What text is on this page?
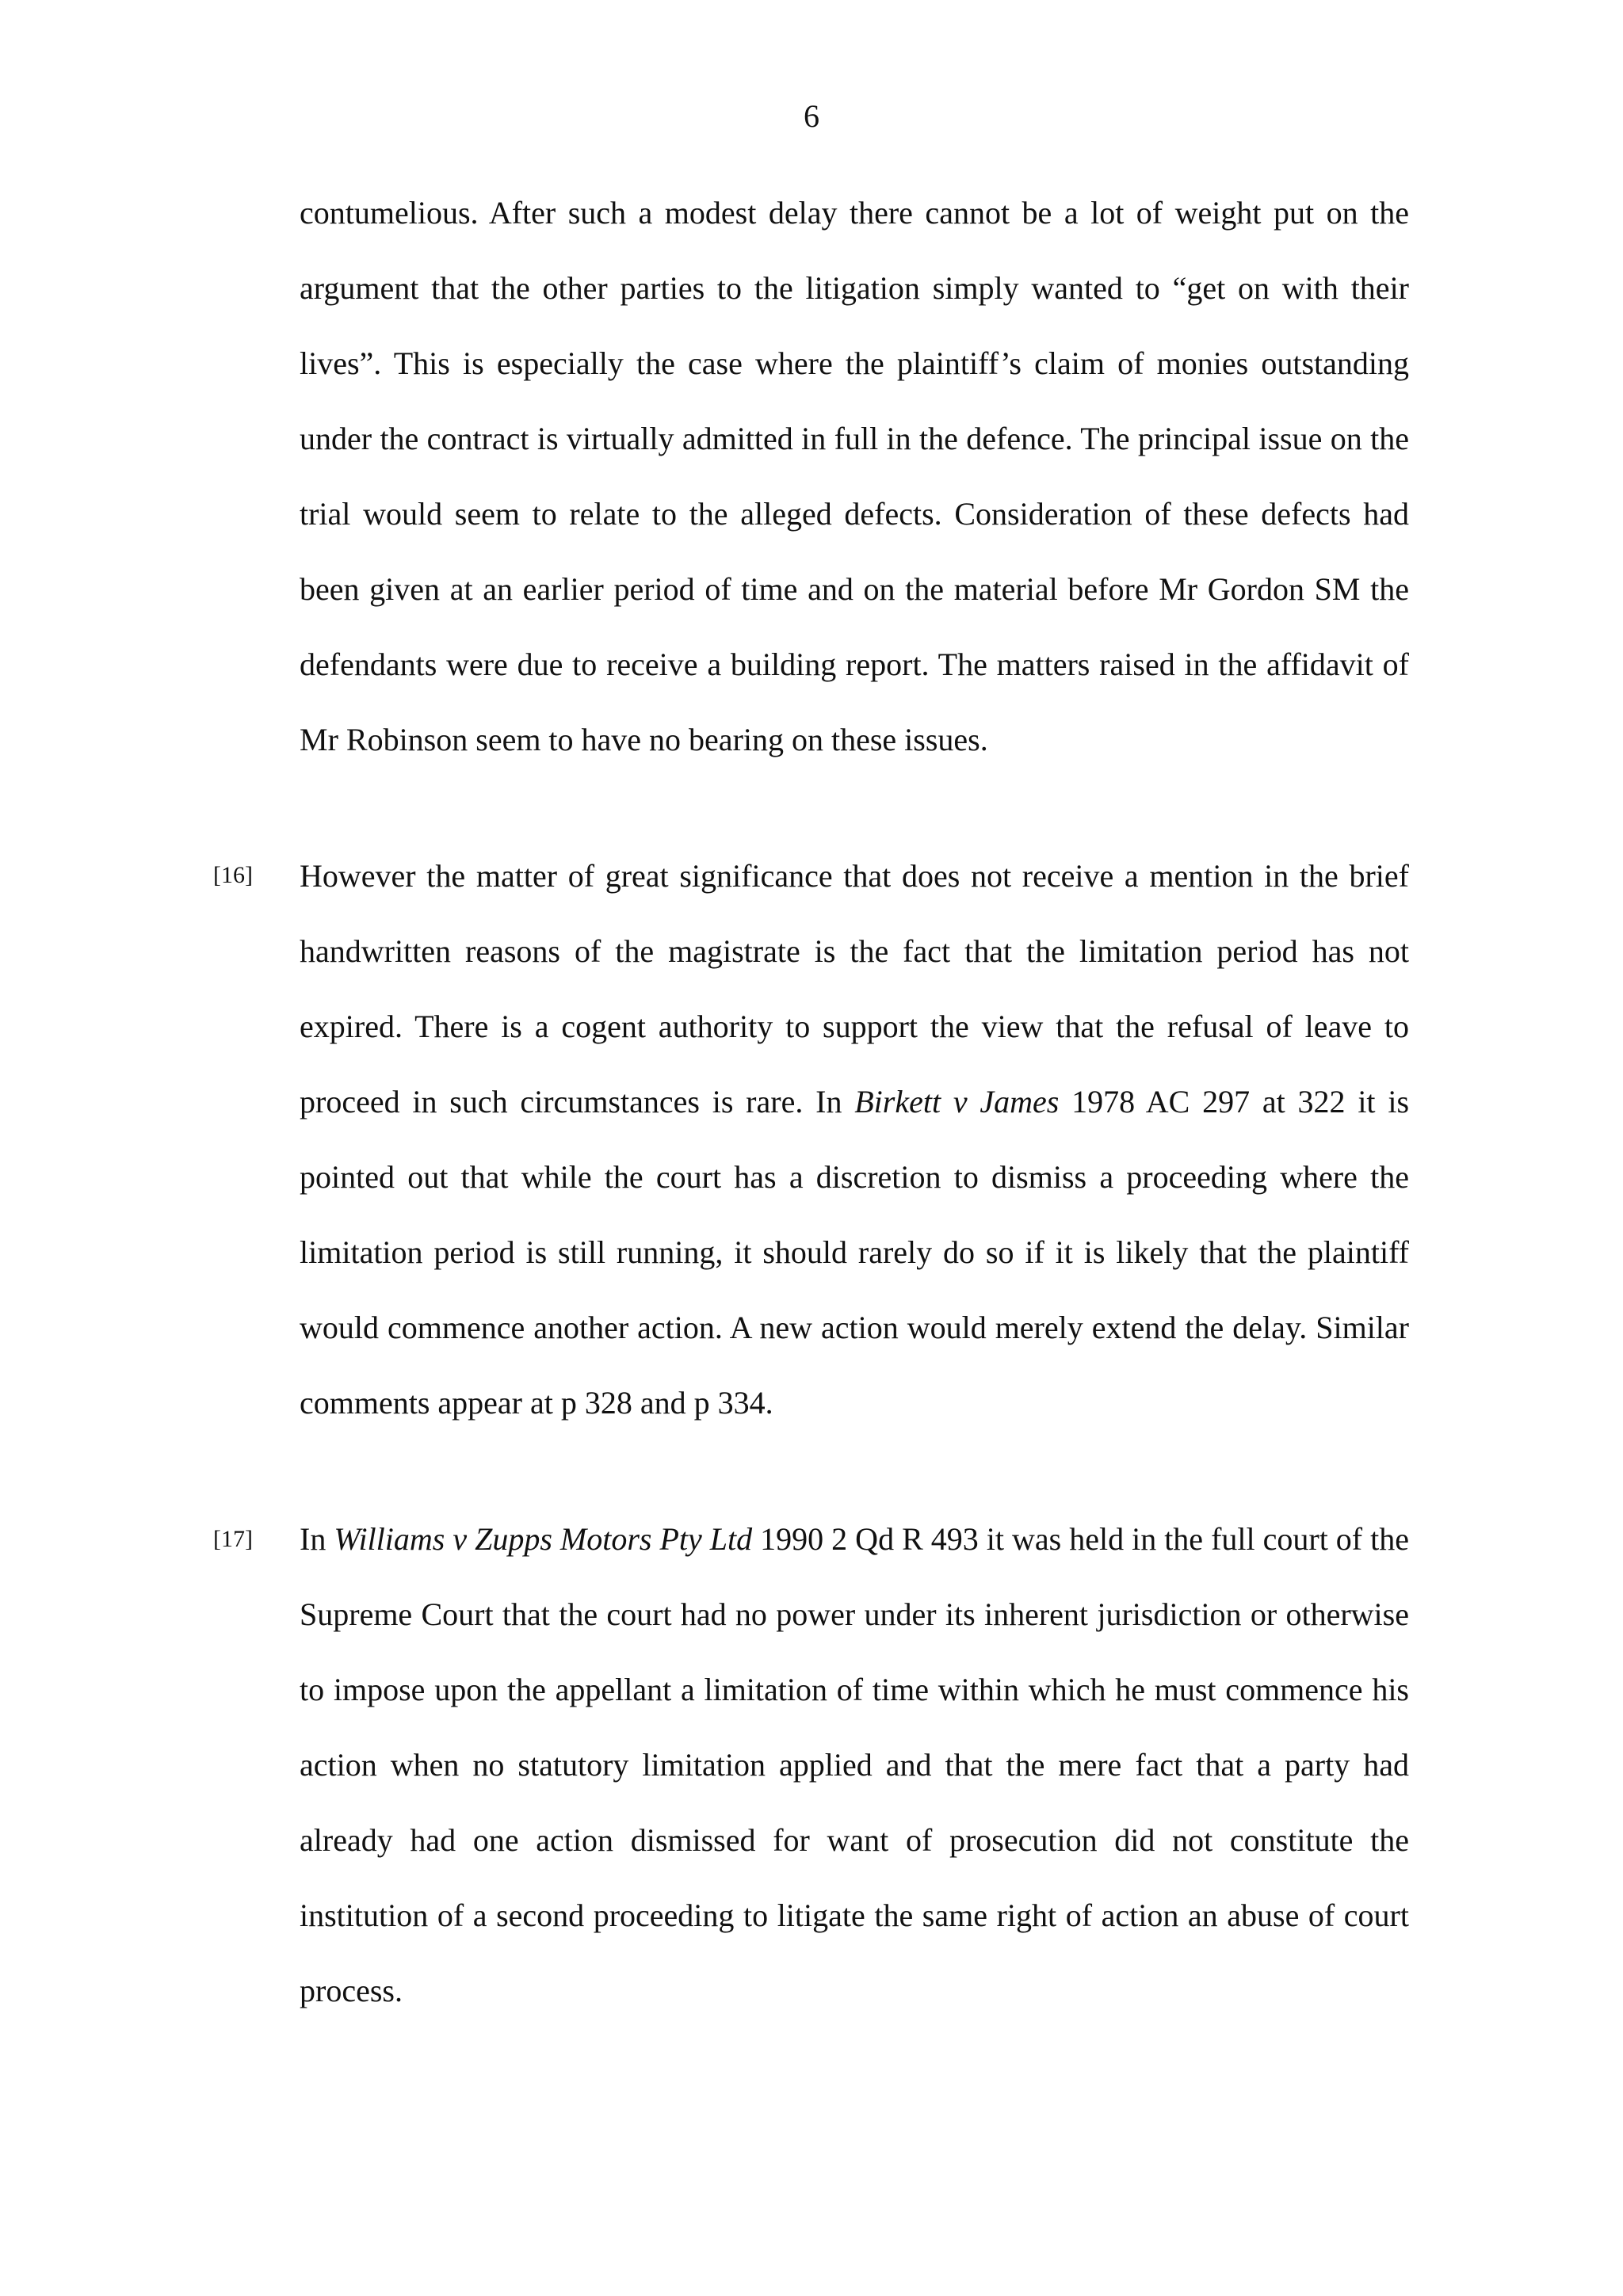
6

contumelious. After such a modest delay there cannot be a lot of weight put on the argument that the other parties to the litigation simply wanted to “get on with their lives”. This is especially the case where the plaintiff’s claim of monies outstanding under the contract is virtually admitted in full in the defence. The principal issue on the trial would seem to relate to the alleged defects. Consideration of these defects had been given at an earlier period of time and on the material before Mr Gordon SM the defendants were due to receive a building report. The matters raised in the affidavit of Mr Robinson seem to have no bearing on these issues.

[16] However the matter of great significance that does not receive a mention in the brief handwritten reasons of the magistrate is the fact that the limitation period has not expired. There is a cogent authority to support the view that the refusal of leave to proceed in such circumstances is rare. In Birkett v James 1978 AC 297 at 322 it is pointed out that while the court has a discretion to dismiss a proceeding where the limitation period is still running, it should rarely do so if it is likely that the plaintiff would commence another action. A new action would merely extend the delay. Similar comments appear at p 328 and p 334.

[17] In Williams v Zupps Motors Pty Ltd 1990 2 Qd R 493 it was held in the full court of the Supreme Court that the court had no power under its inherent jurisdiction or otherwise to impose upon the appellant a limitation of time within which he must commence his action when no statutory limitation applied and that the mere fact that a party had already had one action dismissed for want of prosecution did not constitute the institution of a second proceeding to litigate the same right of action an abuse of court process.
